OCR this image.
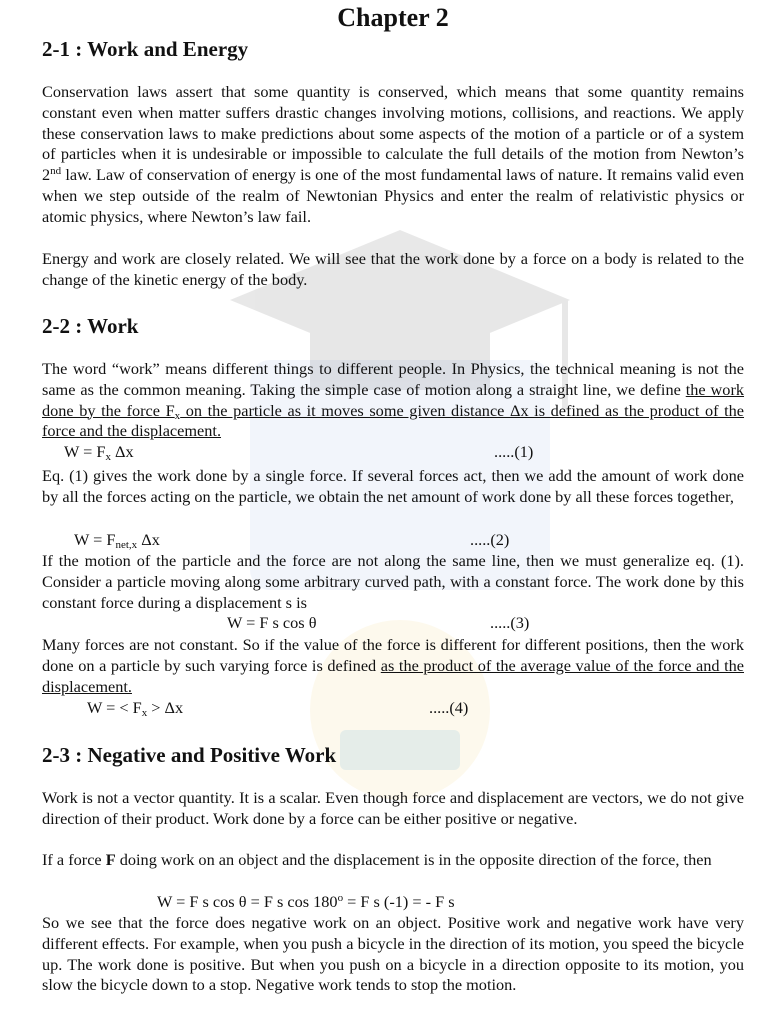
Chapter 2
2-1 : Work and Energy
Conservation laws assert that some quantity is conserved, which means that some quantity remains constant even when matter suffers drastic changes involving motions, collisions, and reactions. We apply these conservation laws to make predictions about some aspects of the motion of a particle or of a system of particles when it is undesirable or impossible to calculate the full details of the motion from Newton’s 2nd law. Law of conservation of energy is one of the most fundamental laws of nature. It remains valid even when we step outside of the realm of Newtonian Physics and enter the realm of relativistic physics or atomic physics, where Newton’s law fail.
Energy and work are closely related. We will see that the work done by a force on a body is related to the change of the kinetic energy of the body.
2-2 : Work
The word “work” means different things to different people. In Physics, the technical meaning is not the same as the common meaning. Taking the simple case of motion along a straight line, we define the work done by the force $F_x$ on the particle as it moves some given distance Δx is defined as the product of the force and the displacement.
$W = F_x$ Δx	.....(1)
Eq. (1) gives the work done by a single force. If several forces act, then we add the amount of work done by all the forces acting on the particle, we obtain the net amount of work done by all these forces together,
$W = F_{net,x}$ Δx	.....(2)
If the motion of the particle and the force are not along the same line, then we must generalize eq. (1). Consider a particle moving along some arbitrary curved path, with a constant force. The work done by this constant force during a displacement s is
W = F s cos θ	.....(3)
Many forces are not constant. So if the value of the force is different for different positions, then the work done on a particle by such varying force is defined as the product of the average value of the force and the displacement.
W = < $F_x > \Delta x$	.....(4)
2-3 : Negative and Positive Work
Work is not a vector quantity. It is a scalar. Even though force and displacement are vectors, we do not give direction of their product. Work done by a force can be either positive or negative.
If a force F doing work on an object and the displacement is in the opposite direction of the force, then
W = F s cos θ = F s $\cos 180^o = F$ s (-1) = - F s
So we see that the force does negative work on an object. Positive work and negative work have very different effects. For example, when you push a bicycle in the direction of its motion, you speed the bicycle up. The work done is positive. But when you push on a bicycle in a direction opposite to its motion, you slow the bicycle down to a stop. Negative work tends to stop the motion.
